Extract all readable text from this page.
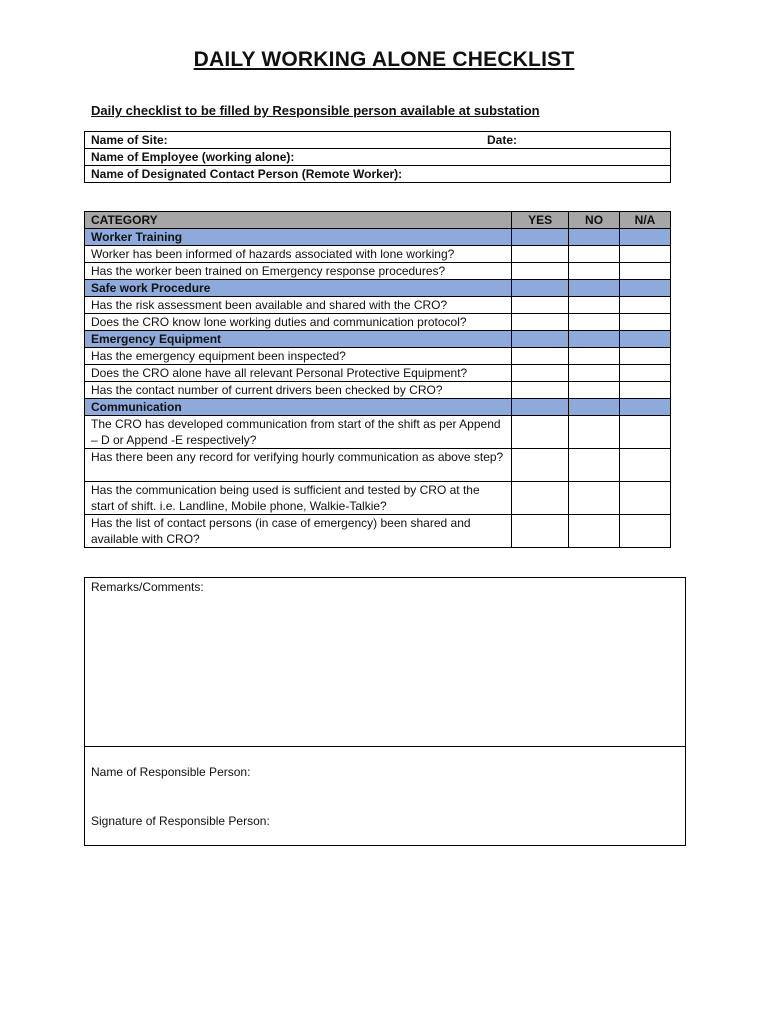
DAILY WORKING ALONE CHECKLIST
Daily checklist to be filled by Responsible person available at substation
Name of Site:	Date:

Name of Employee (working alone):
Name of Designated Contact Person (Remote Worker):
CATEGORY	YES	NO	N/A
Worker Training			
Worker has been informed of hazards associated with lone working?			
Has the worker been trained on Emergency response procedures?			
Safe work Procedure			
Has the risk assessment been available and shared with the CRO?			
Does the CRO know lone working duties and communication protocol?			
Emergency Equipment			
Has the emergency equipment been inspected?			
Does the CRO alone have all relevant Personal Protective Equipment?			
Has the contact number of current drivers been checked by CRO?			
Communication			
The CRO has developed communication from start of the shift as per Append – D or Append -E respectively?			
Has there been any record for verifying hourly communication as above step?			
Has the communication being used is sufficient and tested by CRO at the start of shift. i.e. Landline, Mobile phone, Walkie-Talkie?			
Has the list of contact persons (in case of emergency) been shared and available with CRO?			
Remarks/Comments:
Name of Responsible Person:
Signature of Responsible Person:
